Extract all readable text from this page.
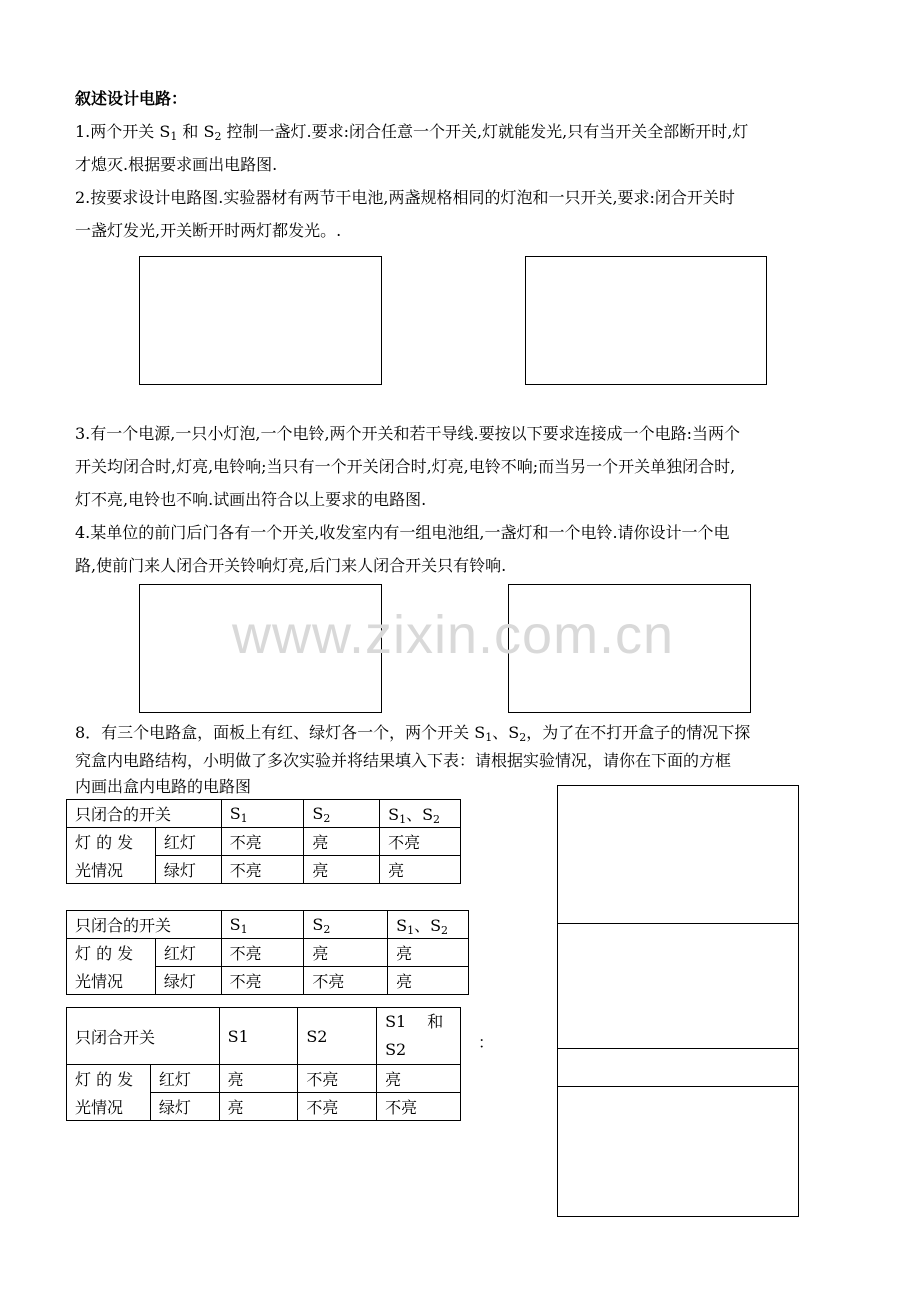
叙述设计电路：
1.两个开关 $S_1$ 和 $S_2$ 控制一盏灯.要求:闭合任意一个开关,灯就能发光,只有当开关全部断开时,灯
才熄灭.根据要求画出电路图.
2.按要求设计电路图.实验器材有两节干电池,两盏规格相同的灯泡和一只开关,要求:闭合开关时
一盏灯发光,开关断开时两灯都发光。.
3.有一个电源,一只小灯泡,一个电铃,两个开关和若干导线.要按以下要求连接成一个电路:当两个
开关均闭合时,灯亮,电铃响;当只有一个开关闭合时,灯亮,电铃不响;而当另一个开关单独闭合时,
灯不亮,电铃也不响.试画出符合以上要求的电路图.
4.某单位的前门后门各有一个开关,收发室内有一组电池组,一盏灯和一个电铃.请你设计一个电
路,使前门来人闭合开关铃响灯亮,后门来人闭合开关只有铃响.
www.zixin.com.cn
8．有三个电路盒，面板上有红、绿灯各一个，两个开关 $S_1$、$S_2$，为了在不打开盒子的情况下探
究盒内电路结构，小明做了多次实验并将结果填入下表：请根据实验情况，请你在下面的方框
内画出盒内电路的电路图
只闭合的开关		$S_1$	$S_2$	$S_1$、$S_2$
灯 的 发	红灯	不亮	亮	不亮
光情况	绿灯	不亮	亮	亮
只闭合的开关		$S_1$	$S_2$	$S_1$、$S_2$
灯 的 发	红灯	不亮	亮	亮
光情况	绿灯	不亮	不亮	亮
只闭合开关		S1	S2	S1　 和
S2

灯 的 发	红灯	亮	不亮	亮
光情况	绿灯	亮	不亮	不亮
：
